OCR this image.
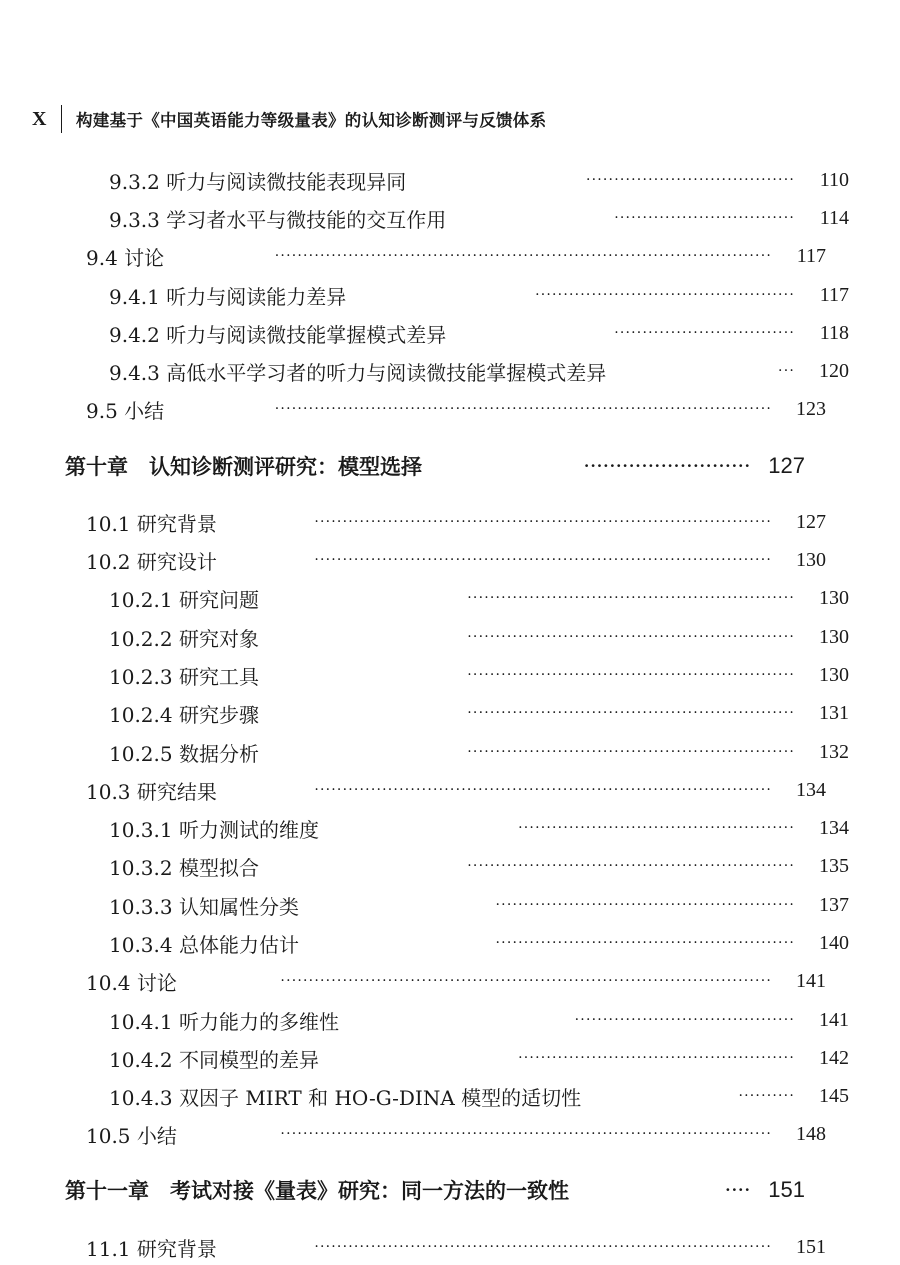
X	构建基于《中国英语能力等级量表》的认知诊断测评与反馈体系
9.3.2 听力与阅读微技能表现异同	·····································	110
9.3.3 学习者水平与微技能的交互作用	································	114
9.4 讨论	························································································	117
9.4.1 听力与阅读能力差异	··············································	117
9.4.2 听力与阅读微技能掌握模式差异	································	118
9.4.3 高低水平学习者的听力与阅读微技能掌握模式差异	···	120
9.5 小结	························································································	123
第十章　认知诊断测评研究：模型选择	·························· 127
10.1 研究背景	·················································································	127
10.2 研究设计	·················································································	130
10.2.1 研究问题	··························································	130
10.2.2 研究对象	··························································	130
10.2.3 研究工具	··························································	130
10.2.4 研究步骤	··························································	131
10.2.5 数据分析	··························································	132
10.3 研究结果	·················································································	134
10.3.1 听力测试的维度	·················································	134
10.3.2 模型拟合	··························································	135
10.3.3 认知属性分类	·····················································	137
10.3.4 总体能力估计	·····················································	140
10.4 讨论	·······················································································	141
10.4.1 听力能力的多维性	·······································	141
10.4.2 不同模型的差异	·················································	142
10.4.3 双因子 MIRT 和 HO-G-DINA 模型的适切性	··········	145
10.5 小结	·······················································································	148
第十一章　考试对接《量表》研究：同一方法的一致性	···· 151
11.1 研究背景	·················································································	151
